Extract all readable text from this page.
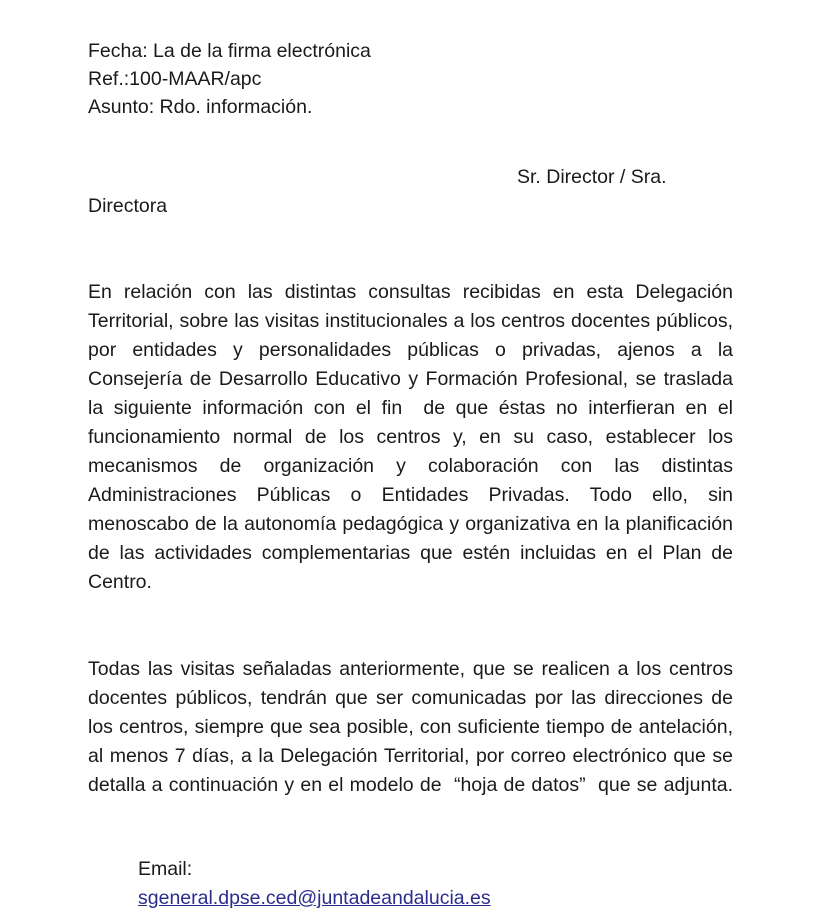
Fecha: La de la firma electrónica
Ref.:100-MAAR/apc
Asunto: Rdo. información.
Sr. Director / Sra.
Directora

En relación con las distintas consultas recibidas en esta Delegación Territorial, sobre las visitas institucionales a los centros docentes públicos, por entidades y personalidades públicas o privadas, ajenos a la Consejería de Desarrollo Educativo y Formación Profesional, se traslada la siguiente información con el fin  de que éstas no interfieran en el funcionamiento normal de los centros y, en su caso, establecer los mecanismos de organización y colaboración con las distintas Administraciones Públicas o Entidades Privadas. Todo ello, sin menoscabo de la autonomía pedagógica y organizativa en la planificación de las actividades complementarias que estén incluidas en el Plan de Centro.

Todas las visitas señaladas anteriormente, que se realicen a los centros docentes públicos, tendrán que ser comunicadas por las direcciones de los centros, siempre que sea posible, con suficiente tiempo de antelación, al menos 7 días, a la Delegación Territorial, por correo electrónico que se detalla a continuación y en el modelo de  “hoja de datos”  que se adjunta.

Email:
sgeneral.dpse.ced@juntadeandalucia.es
